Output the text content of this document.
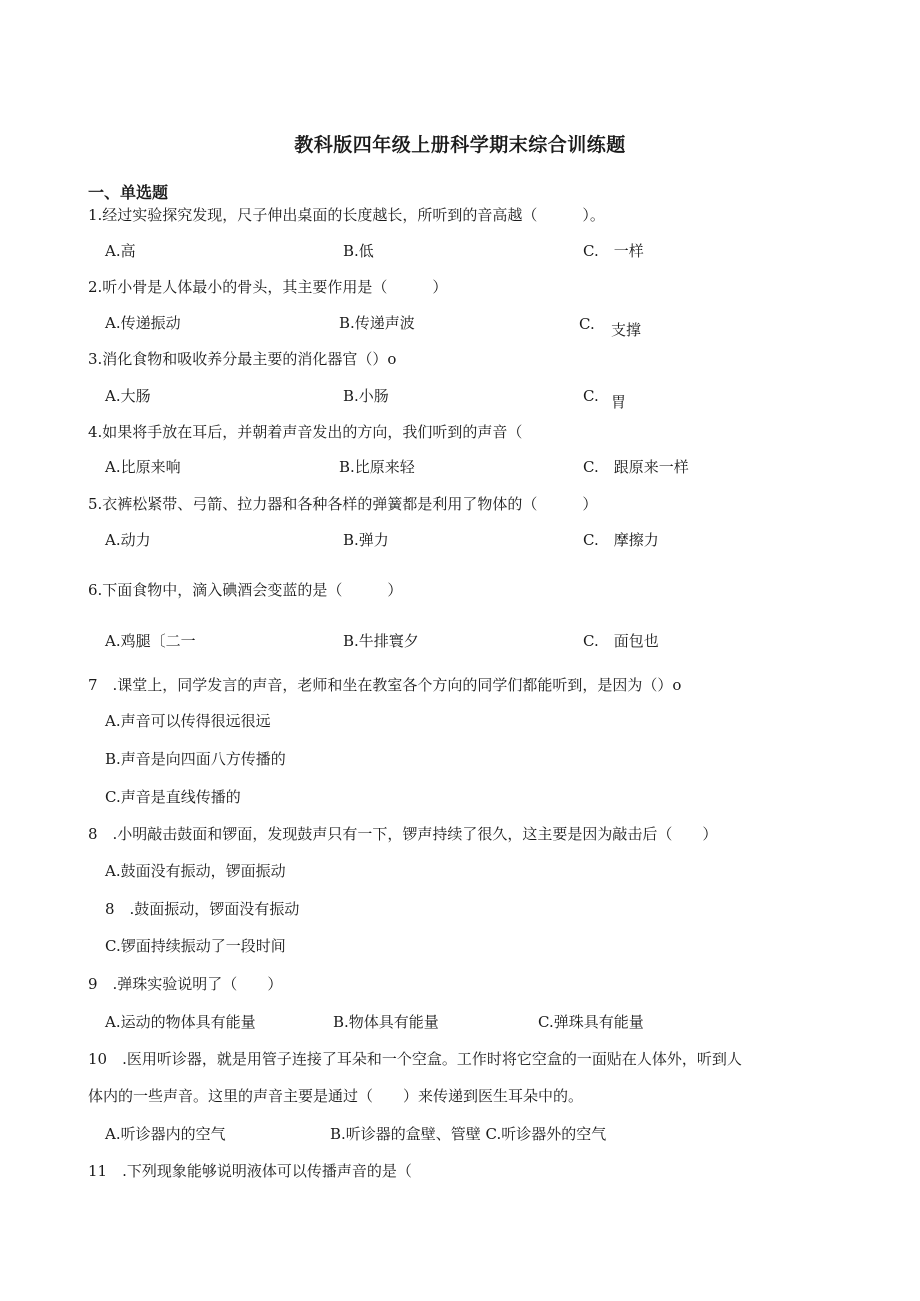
教科版四年级上册科学期末综合训练题
一、单选题
1.经过实验探究发现，尺子伸出桌面的长度越长，所听到的音高越（　　　）。
A.高	B.低	C.　一样
2.听小骨是人体最小的骨头，其主要作用是（　　　）
A.传递振动	B.传递声波	C. 支撑
3.消化食物和吸收养分最主要的消化器官（）o
A.大肠	B.小肠	C. 胃
4.如果将手放在耳后，并朝着声音发出的方向，我们听到的声音（
A.比原来响	B.比原来轻	C.　跟原来一样
5.衣裤松紧带、弓箭、拉力器和各种各样的弹簧都是利用了物体的（　　　）
A.动力	B.弹力	C.　摩擦力
6.下面食物中，滴入碘酒会变蓝的是（　　　）
A.鸡腿〔二一	B.牛排寰夕	C.　面包也
7　.课堂上，同学发言的声音，老师和坐在教室各个方向的同学们都能听到，是因为（）o
A.声音可以传得很远很远
B.声音是向四面八方传播的
C.声音是直线传播的
8　.小明敲击鼓面和锣面，发现鼓声只有一下，锣声持续了很久，这主要是因为敲击后（　　）
A.鼓面没有振动，锣面振动
8　.鼓面振动，锣面没有振动
C.锣面持续振动了一段时间
9　.弹珠实验说明了（　　）
A.运动的物体具有能量	B.物体具有能量	C.弹珠具有能量
10　.医用听诊器，就是用管子连接了耳朵和一个空盒。工作时将它空盒的一面贴在人体外，听到人
体内的一些声音。这里的声音主要是通过（　　）来传递到医生耳朵中的。
A.听诊器内的空气	B.听诊器的盒壁、管壁 C.听诊器外的空气
11　.下列现象能够说明液体可以传播声音的是（
